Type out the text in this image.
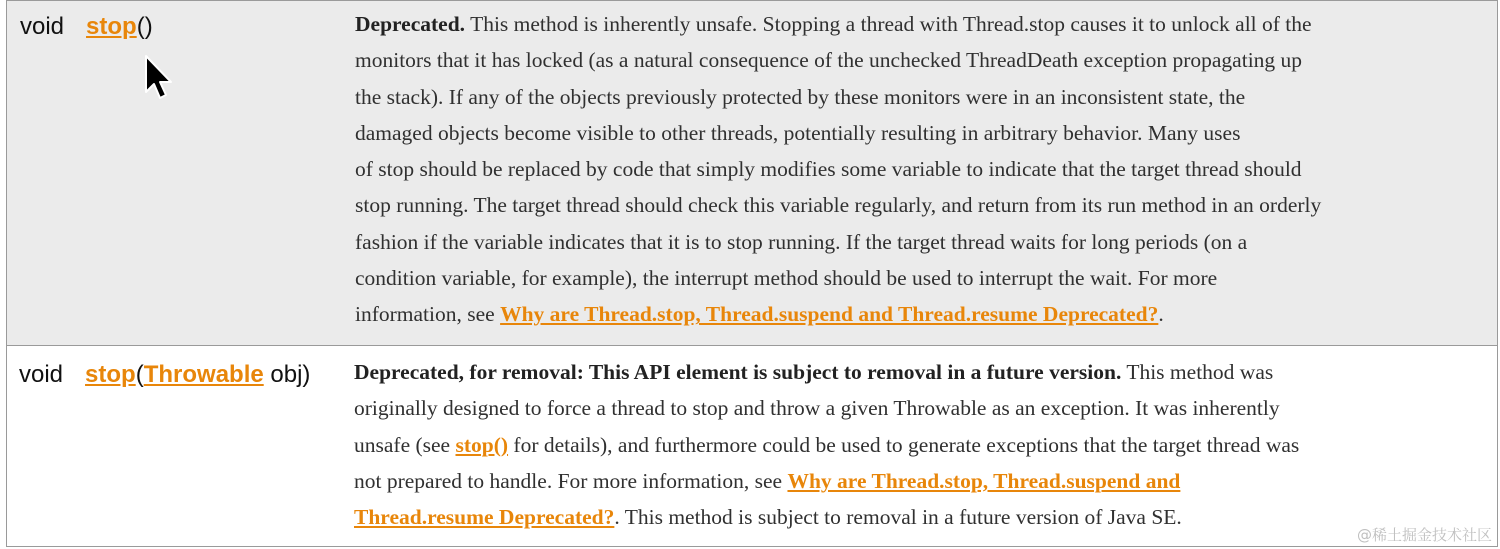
void stop()	Deprecated. This method is inherently unsafe. Stopping a thread with Thread.stop causes it to unlock all of the
monitors that it has locked (as a natural consequence of the unchecked ThreadDeath exception propagating up
the stack). If any of the objects previously protected by these monitors were in an inconsistent state, the
damaged objects become visible to other threads, potentially resulting in arbitrary behavior. Many uses
of stop should be replaced by code that simply modifies some variable to indicate that the target thread should
stop running. The target thread should check this variable regularly, and return from its run method in an orderly
fashion if the variable indicates that it is to stop running. If the target thread waits for long periods (on a
condition variable, for example), the interrupt method should be used to interrupt the wait. For more
information, see Why are Thread.stop, Thread.suspend and Thread.resume Deprecated?.
void stop(Throwable obj) Deprecated, for removal: This API element is subject to removal in a future version. This method was
originally designed to force a thread to stop and throw a given Throwable as an exception. It was inherently
unsafe (see stop() for details), and furthermore could be used to generate exceptions that the target thread was
not prepared to handle. For more information, see Why are Thread.stop, Thread.suspend and
Thread.resume Deprecated?. This method is subject to removal in a future version of Java SE.
@稀土掘金技术社区
